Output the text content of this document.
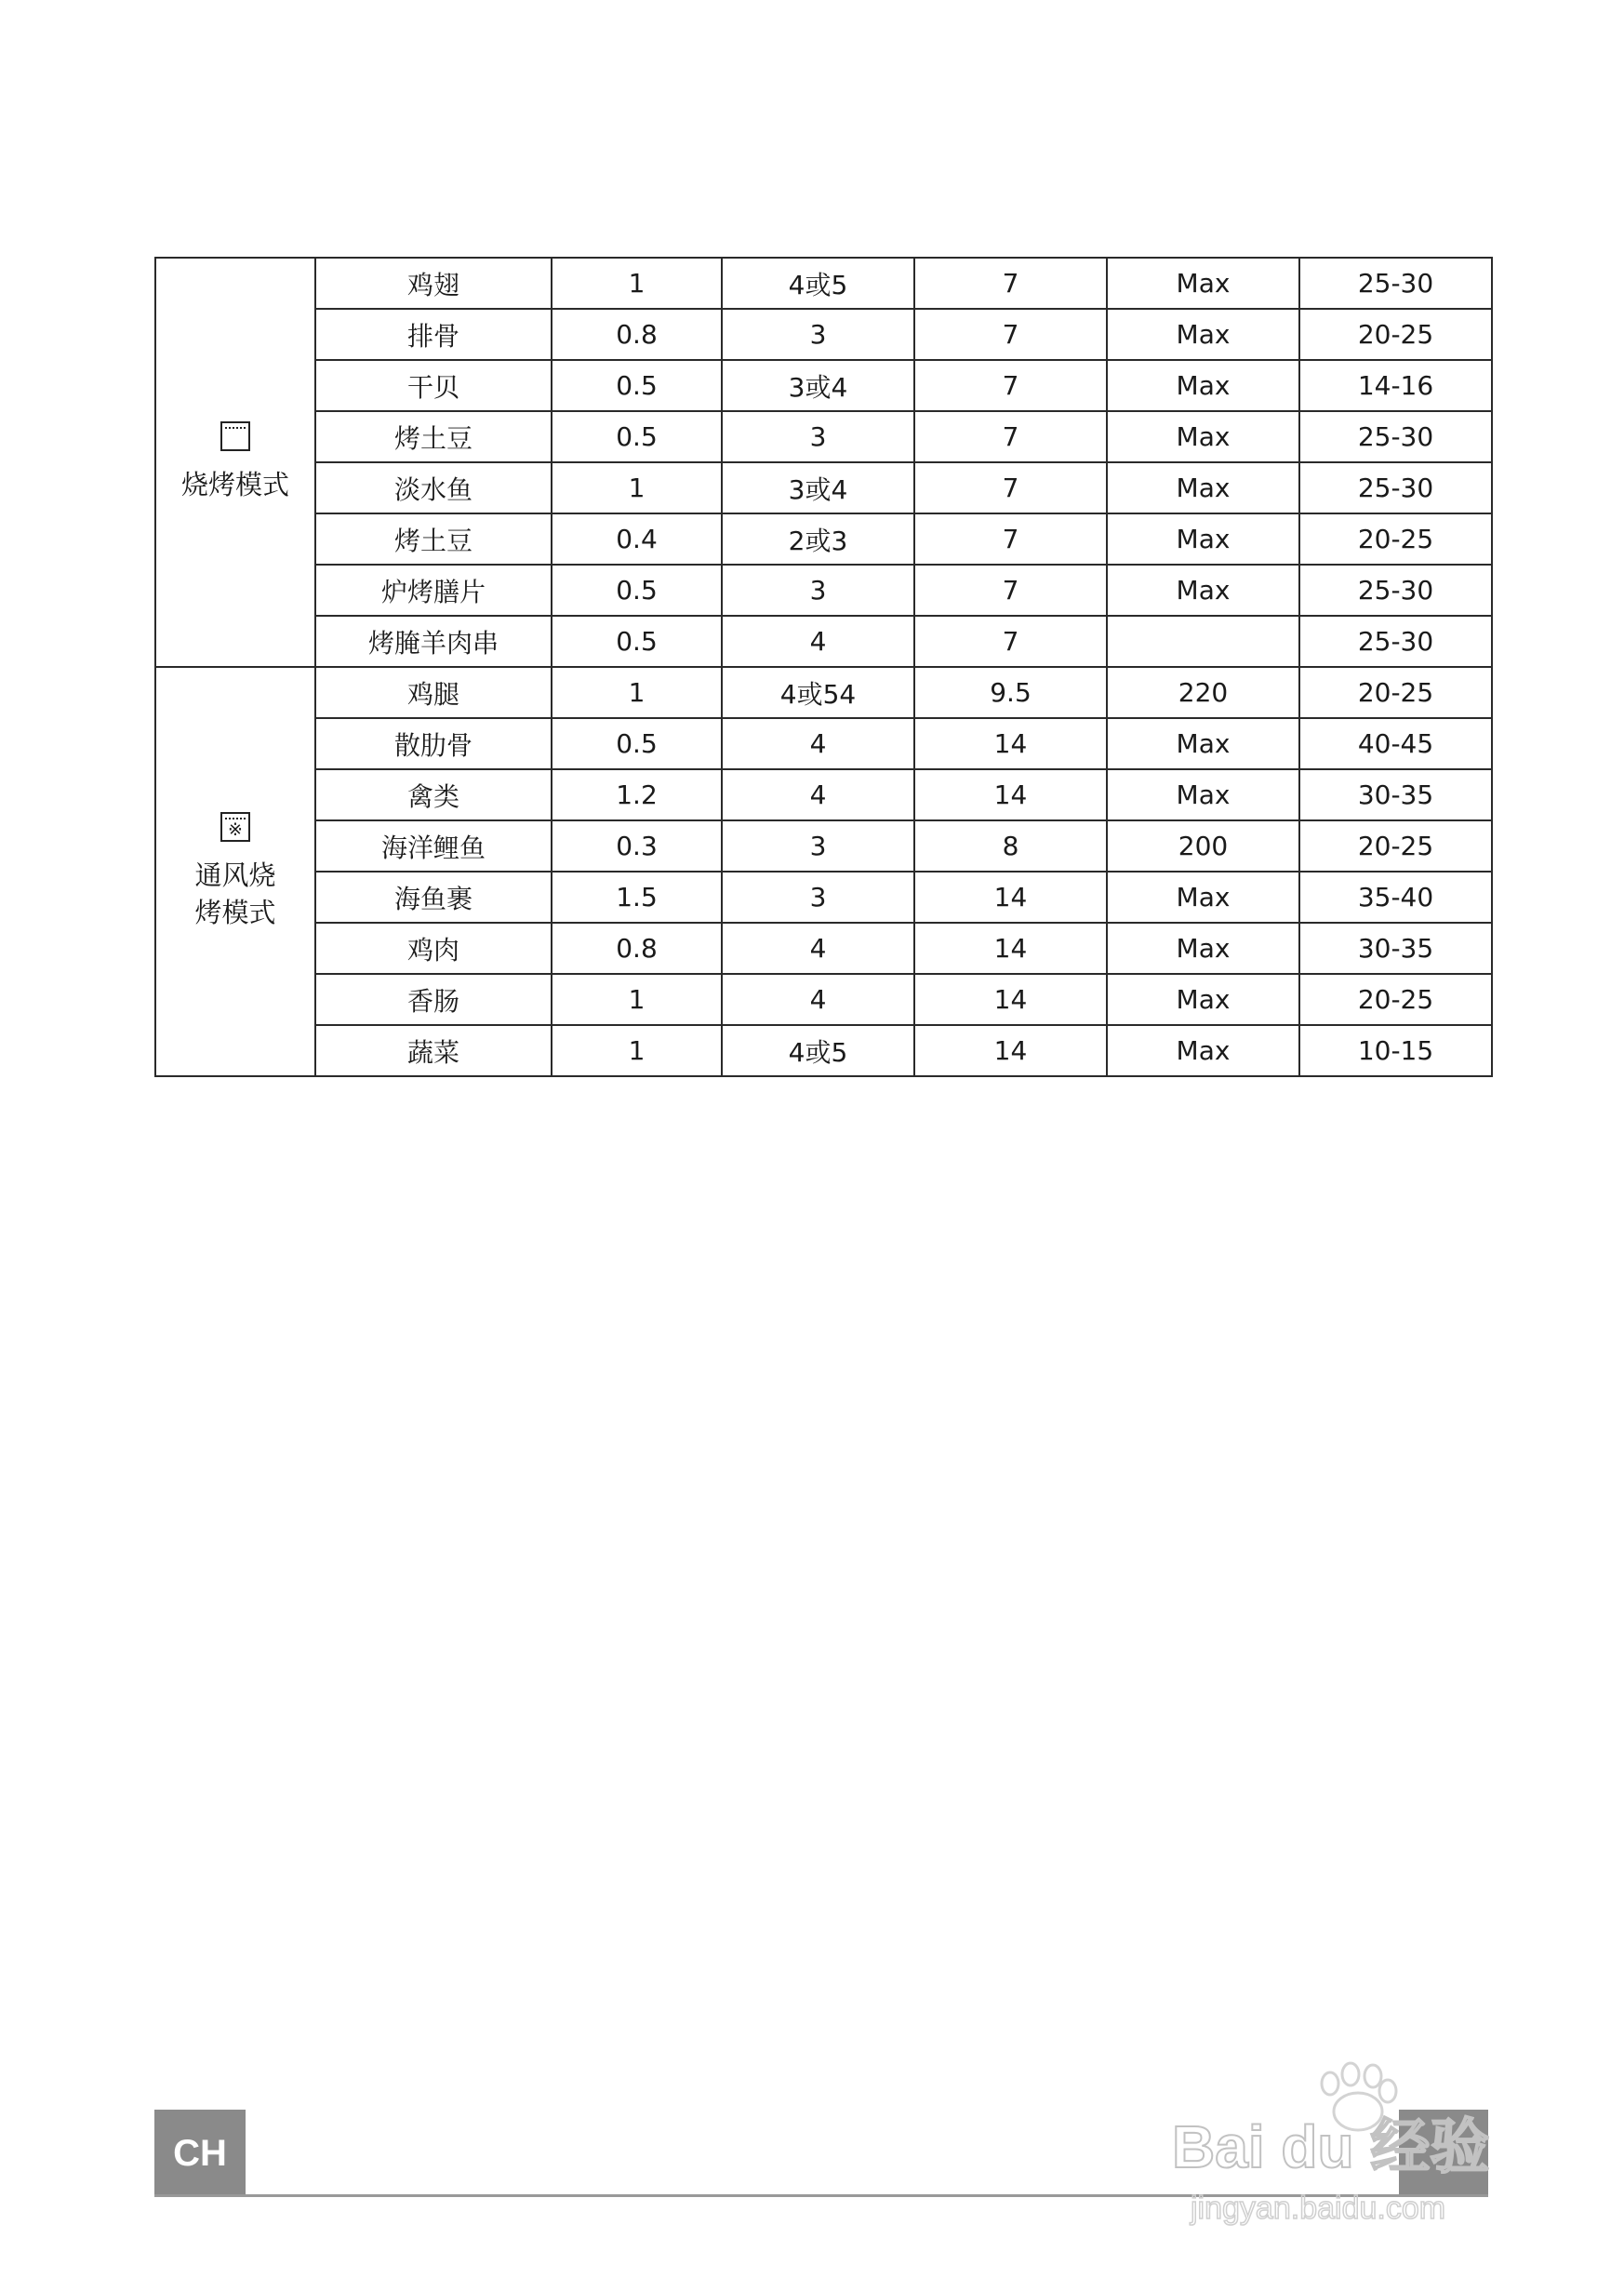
烧烤模式	鸡翅	1	4或5	7	Max	25-30
	排骨	0.8	3	7	Max	20-25
	干贝	0.5	3或4	7	Max	14-16
	烤土豆	0.5	3	7	Max	25-30
	淡水鱼	1	3或4	7	Max	25-30
	烤土豆	0.4	2或3	7	Max	20-25
	炉烤膳片	0.5	3	7	Max	25-30
	烤腌羊肉串	0.5	4	7		25-30

※
通风烧烤模式	鸡腿	1	4或54	9.5	220	20-25
	散肋骨	0.5	4	14	Max	40-45
	禽类	1.2	4	14	Max	30-35
	海洋鲤鱼	0.3	3	8	200	20-25
	海鱼裹	1.5	3	14	Max	35-40
	鸡肉	0.8	4	14	Max	30-35
	香肠	1	4	14	Max	20-25
	蔬菜	1	4或5	14	Max	10-15
CH	Bai du 经验
jingyan.baidu.com
